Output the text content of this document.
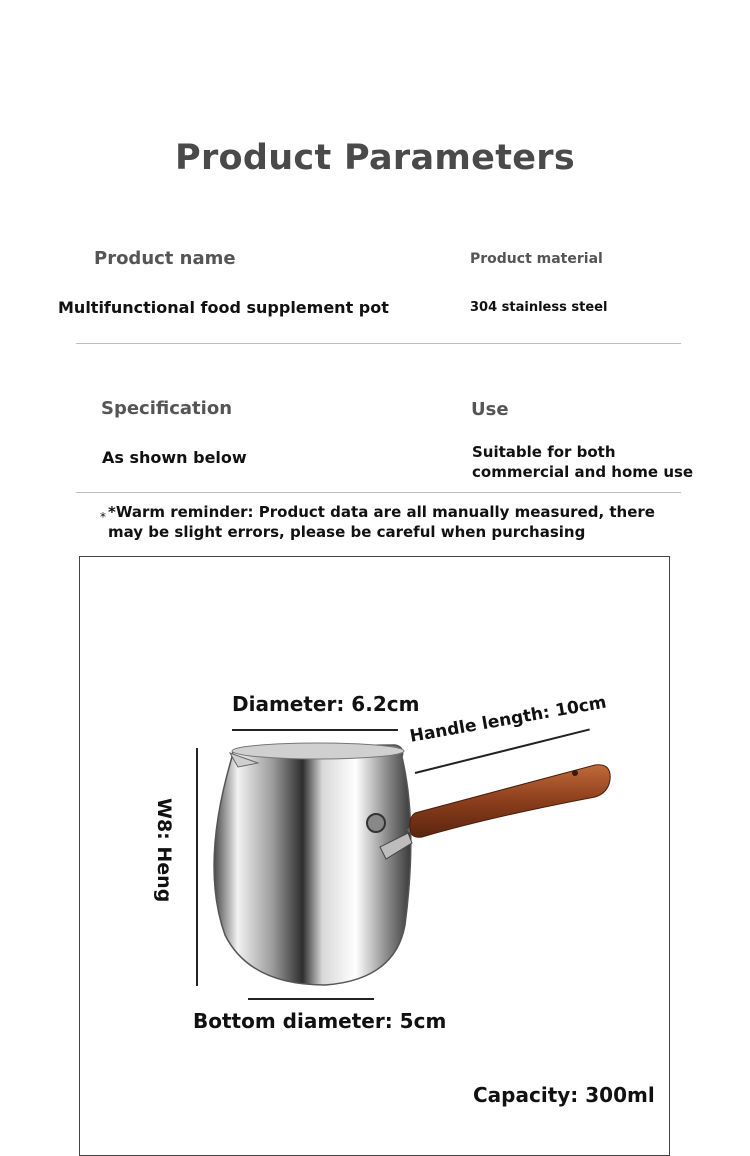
Product Parameters
Product name	Product material
Multifunctional food supplement pot	304 stainless steel
Specification	Use
As shown below	Suitable for both
commercial and home use
* *Warm reminder: Product data are all manually measured, there
may be slight errors, please be careful when purchasing
Diameter: 6.2cm
Handle length: 10cm
W8: Heng
Bottom diameter: 5cm
Capacity: 300ml
